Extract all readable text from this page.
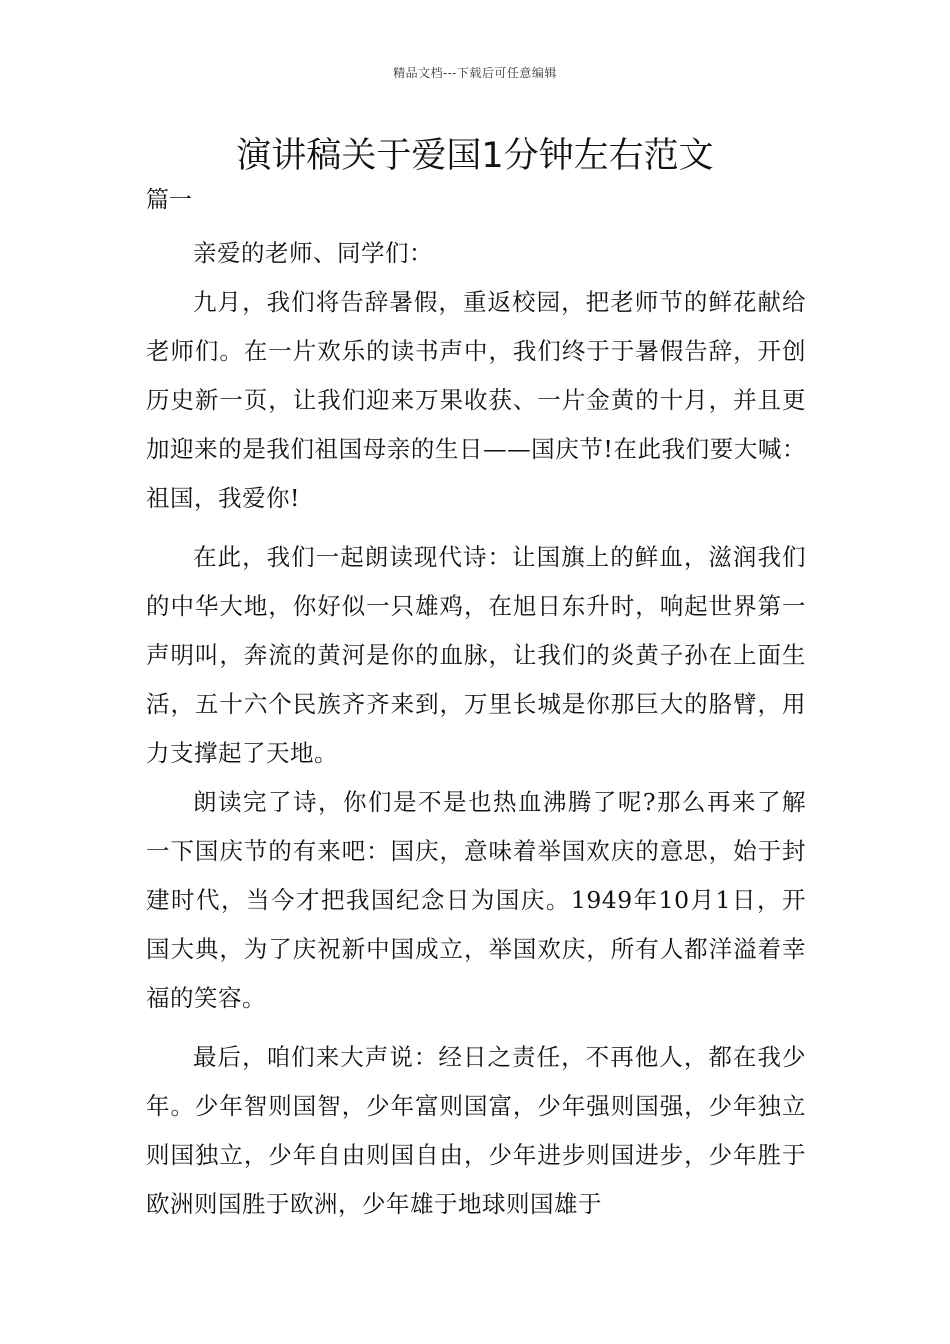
精品文档---下载后可任意编辑
演讲稿关于爱国1分钟左右范文

篇一

亲爱的老师、同学们：

九月，我们将告辞暑假，重返校园，把老师节的鲜花献给老师们。在一片欢乐的读书声中，我们终于于暑假告辞，开创历史新一页，让我们迎来万果收获、一片金黄的十月，并且更加迎来的是我们祖国母亲的生日——国庆节!在此我们要大喊：祖国，我爱你!

在此，我们一起朗读现代诗：让国旗上的鲜血，滋润我们的中华大地，你好似一只雄鸡，在旭日东升时，响起世界第一声明叫，奔流的黄河是你的血脉，让我们的炎黄子孙在上面生活，五十六个民族齐齐来到，万里长城是你那巨大的胳臂，用力支撑起了天地。

朗读完了诗，你们是不是也热血沸腾了呢?那么再来了解一下国庆节的有来吧：国庆，意味着举国欢庆的意思，始于封建时代，当今才把我国纪念日为国庆。1949年10月1日，开国大典，为了庆祝新中国成立，举国欢庆，所有人都洋溢着幸福的笑容。

最后，咱们来大声说：经日之责任，不再他人，都在我少年。少年智则国智，少年富则国富，少年强则国强，少年独立则国独立，少年自由则国自由，少年进步则国进步，少年胜于欧洲则国胜于欧洲，少年雄于地球则国雄于
